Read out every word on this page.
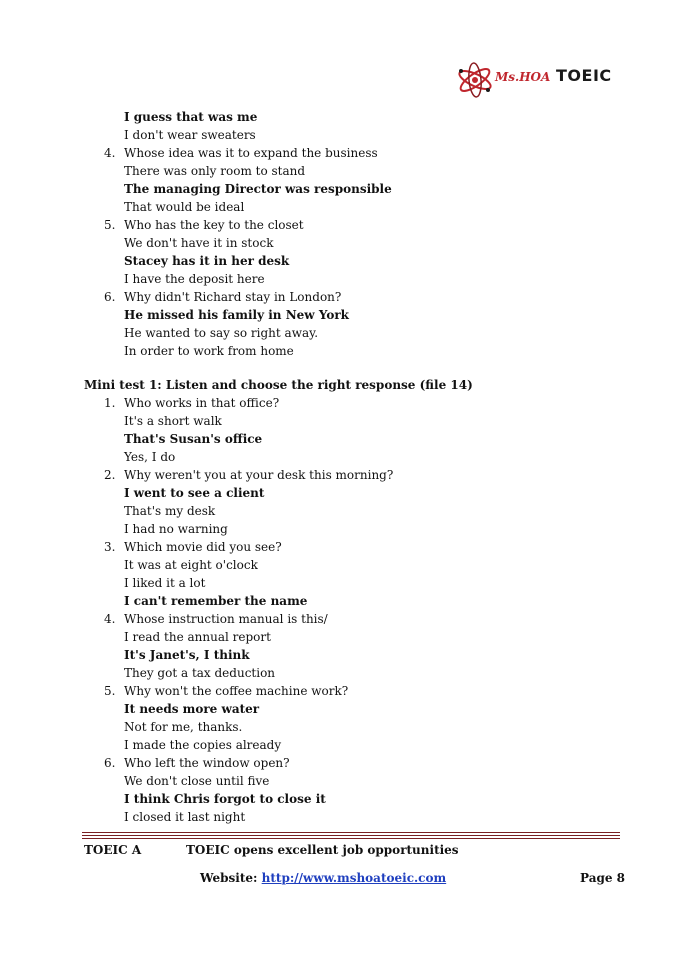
Ms.HOA TOEIC
I guess that was me
I don't wear sweaters
Whose idea was it to expand the business
4.
There was only room to stand
The managing Director was responsible
That would be ideal
Who has the key to the closet
5.
We don't have it in stock
Stacey has it in her desk
I have the deposit here
Why didn't Richard stay in London?
6.
He missed his family in New York
He wanted to say so right away.
In order to work from home
Mini test 1: Listen and choose the right response (file 14)
Who works in that office?
1.
It's a short walk
That's Susan's office
Yes, I do
Why weren't you at your desk this morning?
2.
I went to see a client
That's my desk
I had no warning
Which movie did you see?
3.
It was at eight o'clock
I liked it a lot
I can't remember the name
Whose instruction manual is this/
4.
I read the annual report
It's Janet's, I think
They got a tax deduction
Why won't the coffee machine work?
5.
It needs more water
Not for me, thanks.
I made the copies already
Who left the window open?
6.
We don't close until five
I think Chris forgot to close it
I closed it last night
TOEIC A	TOEIC opens excellent job opportunities
Website: http://www.mshoatoeic.com	Page 8
